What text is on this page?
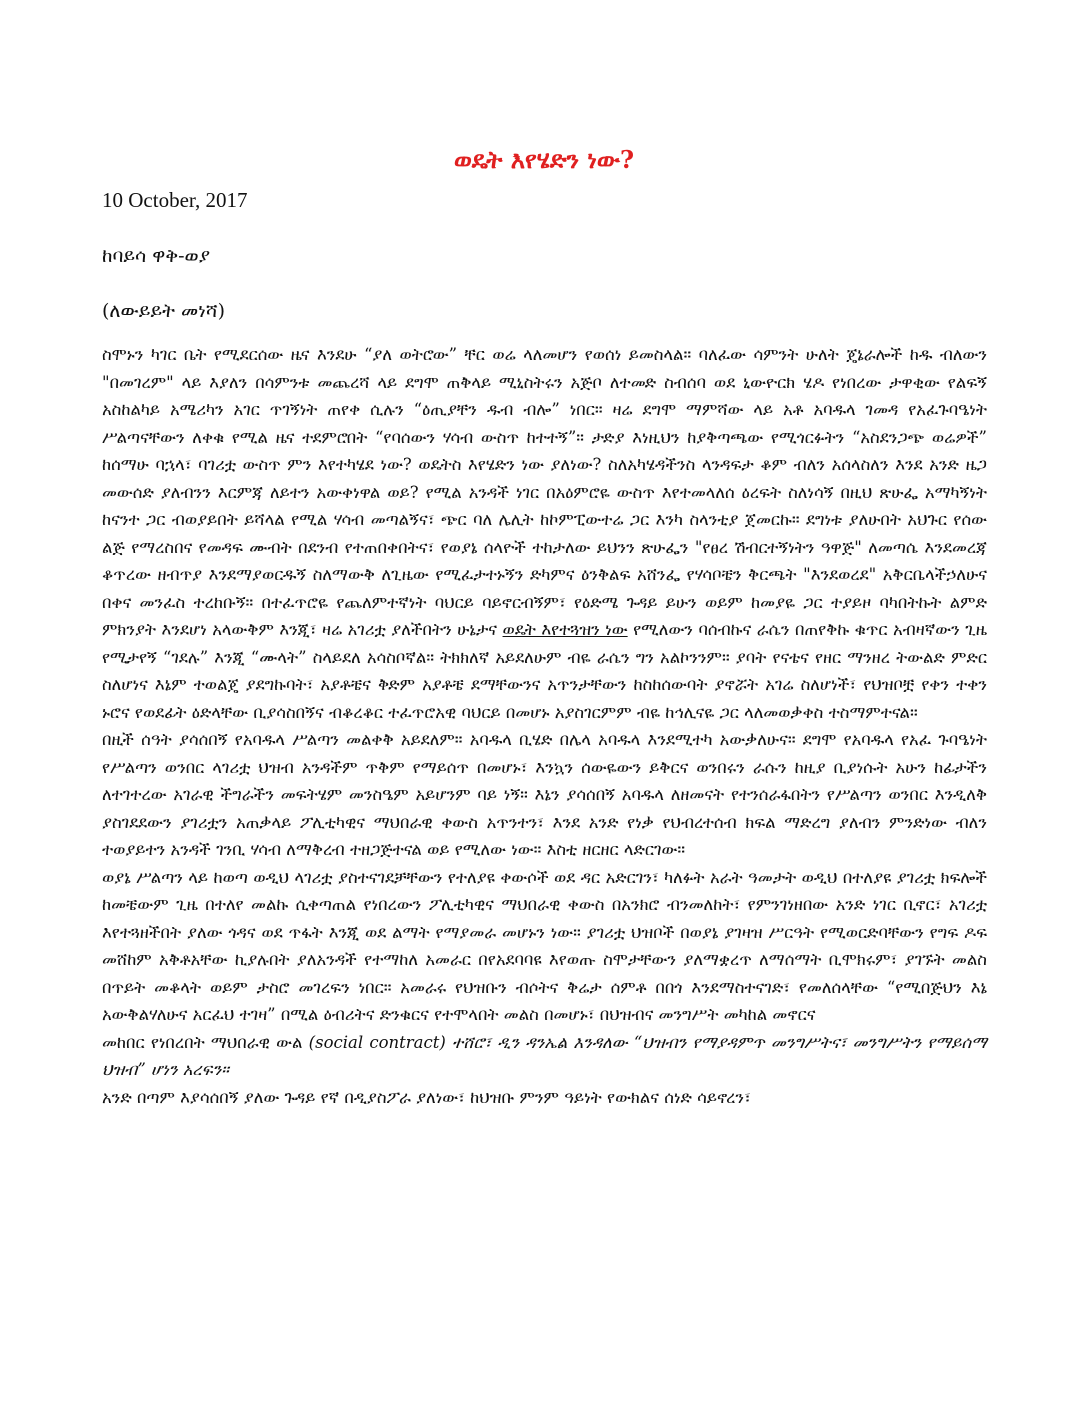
ወዴት እየሄድን ነው?
10 October, 2017
ከባይሳ ዋቅ-ወያ
(ለውይይት መነሻ)

ስሞኑን ካገር ቤት የሚደርሰው ዜና እንደሁ “ያለ ወትሮው” ቸር ወሬ ላለመሆን የወሰነ ይመስላል። ባለፈው ሳምንት ሁለት ጄኔራሎች ከዱ ብለውን "በመገረም" ላይ እያለን በሳምንቱ መጨረሻ ላይ ደግሞ ጠቅላይ ሚኒስትሩን አጅቦ ለተመድ ስብሰባ ወደ ኒውዮርክ ሄዶ የነበረው ታዋቂው የልፍኝ አስከልካይ አሜሪካን አገር ጥገኝነት ጠየቀ ሲሉን “ዕጢያቸን ዱብ ብሎ” ነበር። ዛሬ ደግሞ ማምሻው ላይ አቶ አባዱላ ገመዳ የአፈጉባዔነት ሥልጣናቸውን ለቀቁ የሚል ዜና ተደምሮበት “የባሰውን ሃሳብ ውስጥ ከተተኝ”። ታድያ እነዚህን ከያቅጣጫው የሚጎርፉትን “አስደንጋጭ ወሬዎች” ከሰማሁ ባኋላ፣ ባገሪቷ ውስጥ ምን እየተካሄደ ነው? ወዴትስ እየሄድን ነው ያለነው? ስለአካሄዳችንስ ላንዳፍታ ቆም ብለን አሰላስለን እንደ አንድ ዜጋ መውሰድ ያለብንን እርምጃ ለይተን አውቀነዋል ወይ? የሚል አንዳች ነገር በአዕምሮዬ ውስጥ እየተመላለሰ ዕረፍት ስለነሳኝ በዚህ ጽሁፌ አማካኝነት ከናንተ ጋር ብወያይበት ይሻላል የሚል ሃሳብ መጣልኝና፣ ጭር ባለ ሌሊት ከኮምፒውተሬ ጋር እንካ ስላንቲያ ጀመርኩ። ደግነቱ ያለሁበት አህጉር የሰው ልጅ የማረስበና የመዳፍ ሙብት በደንብ የተጠበቀበትና፣ የወያኔ ሰላዮች ተከታለው ይህንን ጽሁፌን "የፀረ ሽብርተኝነትን ዓዋጅ" ለመጣሴ እንደመረጃ ቆጥረው ዘብጥያ እንደማያወርዱኝ ስለማውቅ ለጊዜው የሚፈታተኑኝን ድካምና ዕንቅልፍ አሸንፌ የሃሳቦቼን ቅርጫት "እንደወረደ" አቅርቤላችኃለሁና በቀና መንፈስ ተረከቡኝ። በተፈጥሮዬ የጨለምተኛነት ባህርይ ባይኖርብኝም፣ የዕድሜ ጉዳይ ይሁን ወይም ከመያዬ ጋር ተያይዞ ባካበትኩት ልምድ ምክንያት እንደሆነ አላውቅም እንጂ፣ ዛሬ አገሪቷ ያለችበትን ሁኔታና ወዴት እየተጓዝን ነው የሚለውን ባሰብኩና ራሴን በጠየቅኩ ቁጥር አብዛኛውን ጊዜ የሚታየኝ “ገደሉ” እንጂ “ሙላት” ስላይደለ አሳስቦኛል። ትክክለኛ አይደለሁም ብዬ ራሴን ግን አልኮንንም። ያባት የናቴና የዘር ማንዘረ ትውልድ ምድር ስለሆነና እኔም ተወልጄ ያደግኩባት፣ አያቶቼና ቅድም አያቶቼ ደማቸውንና አጥንታቸውን ከስከሰውባት ያኖሯት አገሬ ስለሆነች፣ የህዝቦቿ የቀን ተቀን ኑሮና የወደፊት ዕድላቸው ቢያሳስበኝና ብቆረቆር ተፈጥሮአዊ ባህርይ በመሆኑ አያስገርምም ብዬ ከኅሊናዬ ጋር ላለመወቃቀስ ተስማምተናል።

በዚች ሰዓት ያሳሰበኝ የአባዱላ ሥልጣን መልቀቅ አይደለም። አባዱላ ቢሄድ በሌላ አባዱላ እንደሚተካ አውቃለሁና። ደግሞ የአባዱላ የአፈ ጉባዔነት የሥልጣን ወንበር ላገሪቷ ህዝብ አንዳችም ጥቅም የማይሰጥ በመሆኑ፣ እንኳን ሰውዬውን ይቅርና ወንበሩን ራሱን ከዚያ ቢያነሱት አሁን ከፊታችን ለተገተረው አገራዊ ችግራችን መፍትሄም መንስዔም አይሆንም ባይ ነኝ። እኔን ያሳሰበኝ አባዱላ ለዘመናት የተንሰራፋበትን የሥልጣን ወንበር እንዲለቅ ያስገደደውን ያገሪቷን አጠቃላይ ፖሊቲካዊና ማህበራዊ ቀውስ አጥንተን፣ እንደ አንድ የነቃ የህብረተሰብ ክፍል ማድረግ ያለብን ምንድነው ብለን ተወያይተን አንዳች ገንቢ ሃሳብ ለማቅረብ ተዘጋጅተናል ወይ የሚለው ነው። እስቲ ዘርዘር ላድርገው።

ወያኔ ሥልጣን ላይ ከወጣ ወዲህ ላገሪቷ ያስተናገደቻቸውን የተለያዩ ቀውሶች ወደ ዳር አድርገን፣ ካለፉት አራት ዓመታት ወዲህ በተለያዩ ያገሪቷ ክፍሎች ከመቼውም ጊዜ በተለየ መልኩ ሲቀጣጠል የነበረውን ፖሊቲካዊና ማህበራዊ ቀውስ በአንክሮ ብንመለከት፣ የምንገነዘበው አንድ ነገር ቢኖር፣ አገሪቷ እየተጓዘችበት ያለው ጎዳና ወደ ጥፋት እንጂ ወደ ልማት የማያመራ መሆኑን ነው። ያገሪቷ ህዝቦች በወያኔ ያገዛዝ ሥርዓት የሚወርድባቸውን የግፍ ዶፍ መሸከም አቅቶአቸው ኪያሉበት ያለአንዳች የተማከለ አመራር በየአደባባዩ እየወጡ ስሞታቸውን ያለማቋረጥ ለማሰማት ቢሞክሩም፣ ያገኙት መልስ በጥይት መቆላት ወይም ታስሮ መገረፍን ነበር። አመራሩ የህዝቡን ብሶትና ቅሬታ ሰምቶ በበጎ እንደማስተናገድ፣ የመለሰላቸው “የሚበጅህን እኔ አውቅልሃለሁና አርፈህ ተገዛ” በሚል ዕብሪትና ድንቁርና የተሞላበት መልስ በመሆኑ፣ በህዝብና መንግሥት መካከል መኖርና

መከበር የነበረበት ማህበራዊ ውል (social contract) ተሸሮ፣ ዲን ዳንኤል እንዳለው “ህዝብን የማያዳምጥ መንግሥትና፣ መንግሥትን የማይሰማ ህዝብ” ሆነን አረፍን።

አንድ በጣም እያሳሰበኝ ያለው ጉዳይ የኛ በዲያስፖራ ያለነው፣ ከህዝቡ ምንም ዓይነት የውክልና ሰነድ ሳይኖረን፣
